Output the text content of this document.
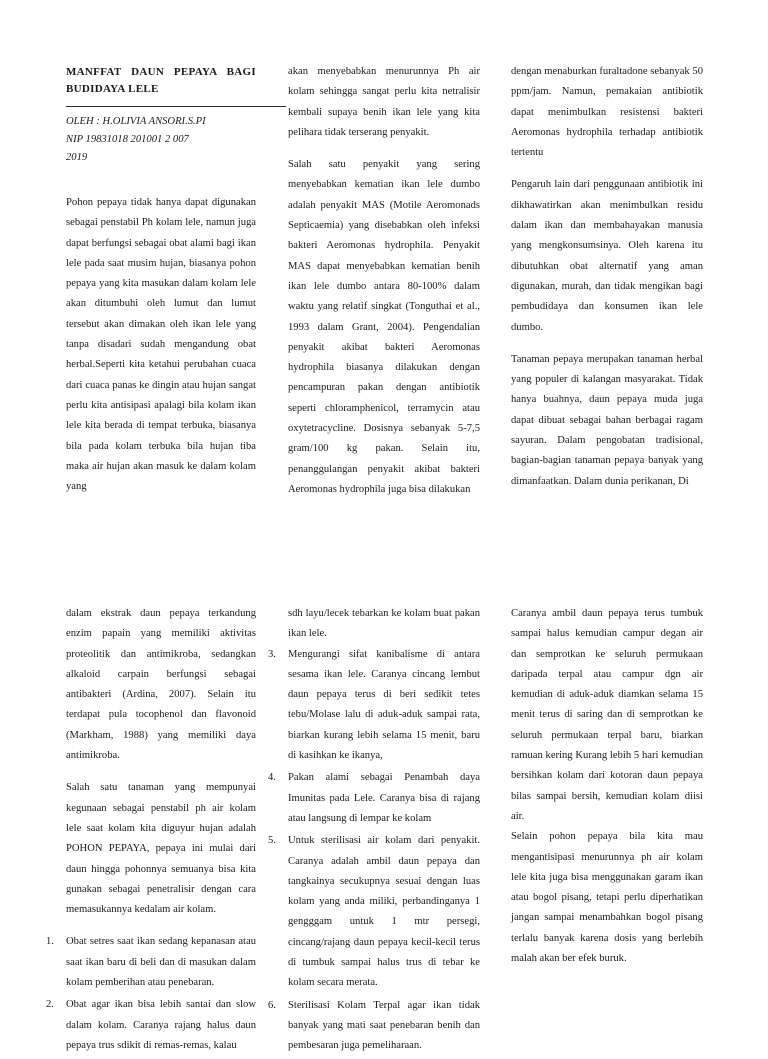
MANFFAT DAUN PEPAYA BAGI BUDIDAYA LELE

OLEH : H.OLIVIA ANSORI.S.PI

NIP 19831018 201001 2 007

2019

Pohon pepaya tidak hanya dapat digunakan sebagai penstabil Ph kolam lele, namun juga dapat berfungsi sebagai obat alami bagi ikan lele pada saat musim hujan, biasanya pohon pepaya yang kita masukan dalam kolam lele akan ditumbuhi oleh lumut dan lumut tersebut akan dimakan oleh ikan lele yang tanpa disadari sudah mengandung obat herbal.Seperti kita ketahui perubahan cuaca dari cuaca panas ke dingin atau hujan sangat perlu kita antisipasi apalagi bila kolam ikan lele kita berada di tempat terbuka, biasanya bila pada kolam terbuka bila hujan tiba maka air hujan akan masuk ke dalam kolam yang

akan menyebabkan menurunnya Ph air kolam sehingga sangat perlu kita netralisir kembali supaya benih ikan lele yang kita pelihara tidak terserang penyakit.

Salah satu penyakit yang sering menyebabkan kematian ikan lele dumbo adalah penyakit MAS (Motile Aeromonads Septicaemia) yang disebabkan oleh infeksi bakteri Aeromonas hydrophila. Penyakit MAS dapat menyebabkan kematian benih ikan lele dumbo antara 80-100% dalam waktu yang relatif singkat (Tonguthai et al., 1993 dalam Grant, 2004). Pengendalian penyakit akibat bakteri Aeromonas hydrophila biasanya dilakukan dengan pencampuran pakan dengan antibiotik seperti chloramphenicol, terramycin atau oxytetracycline. Dosisnya sebanyak 5-7,5 gram/100 kg pakan. Selain itu, penanggulangan penyakit akibat bakteri Aeromonas hydrophila juga bisa dilakukan

dengan menaburkan furaltadone sebanyak 50 ppm/jam. Namun, pemakaian antibiotik dapat menimbulkan resistensi bakteri Aeromonas hydrophila terhadap antibiotik tertentu

Pengaruh lain dari penggunaan antibiotik ini dikhawatirkan akan menimbulkan residu dalam ikan dan membahayakan manusia yang mengkonsumsinya. Oleh karena itu dibutuhkan obat alternatif yang aman digunakan, murah, dan tidak mengikan bagi pembudidaya dan konsumen ikan lele dumbo.

Tanaman pepaya merupakan tanaman herbal yang populer di kalangan masyarakat. Tidak hanya buahnya, daun pepaya muda juga dapat dibuat sebagai bahan berbagai ragam sayuran. Dalam pengobatan tradisional, bagian-bagian tanaman pepaya banyak yang dimanfaatkan. Dalam dunia perikanan, Di

dalam ekstrak daun pepaya terkandung enzim papain yang memiliki aktivitas proteolitik dan antimikroba, sedangkan alkaloid carpain berfungsi sebagai antibakteri (Ardina, 2007). Selain itu terdapat pula tocophenol dan flavonoid (Markham, 1988) yang memiliki daya antimikroba.

Salah satu tanaman yang mempunyai kegunaan sebagai penstabil ph air kolam lele saat kolam kita diguyur hujan adalah POHON PEPAYA, pepaya ini mulai dari daun hingga pohonnya semuanya bisa kita gunakan sebagai penetralisir dengan cara memasukannya kedalam air kolam.

1. Obat setres saat ikan sedang kepanasan atau saat ikan baru di beli dan di masukan dalam kolam pemberihan atau penebaran.
2. Obat agar ikan bisa lebih santai dan slow dalam kolam. Caranya rajang halus daun pepaya trus sdikit di remas-remas, kalau

sdh layu/lecek tebarkan ke kolam buat pakan ikan lele.

3. Mengurangi sifat kanibalisme di antara sesama ikan lele. Caranya cincang lembut daun pepaya terus di beri sedikit tetes tebu/Molase lalu di aduk-aduk sampai rata, biarkan kurang lebih selama 15 menit, baru di kasihkan ke ikanya,
4. Pakan alami sebagai Penambah daya Imunitas pada Lele. Caranya bisa di rajang atau langsung di lempar ke kolam
5. Untuk sterilisasi air kolam dari penyakit. Caranya adalah ambil daun pepaya dan tangkainya secukupnya sesuai dengan luas kolam yang anda miliki, perbandinganya 1 gengggam untuk 1 mtr persegi, cincang/rajang daun pepaya kecil-kecil terus di tumbuk sampai halus trus di tebar ke kolam secara merata.
6. Sterilisasi Kolam Terpal agar ikan tidak banyak yang mati saat penebaran benih dan pembesaran juga pemeliharaan.

Caranya ambil daun pepaya terus tumbuk sampai halus kemudian campur degan air dan semprotkan ke seluruh permukaan daripada terpal atau campur dgn air kemudian di aduk-aduk diamkan selama 15 menit terus di saring dan di semprotkan ke seluruh permukaan terpal baru, biarkan ramuan kering Kurang lebih 5 hari kemudian bersihkan kolam dari kotoran daun pepaya bilas sampai bersih, kemudian kolam diisi air.

Selain pohon pepaya bila kita mau mengantisipasi menurunnya ph air kolam lele kita juga bisa menggunakan garam ikan atau bogol pisang, tetapi perlu diperhatikan jangan sampai menambahkan bogol pisang terlalu banyak karena dosis yang berlebih malah akan ber efek buruk.
